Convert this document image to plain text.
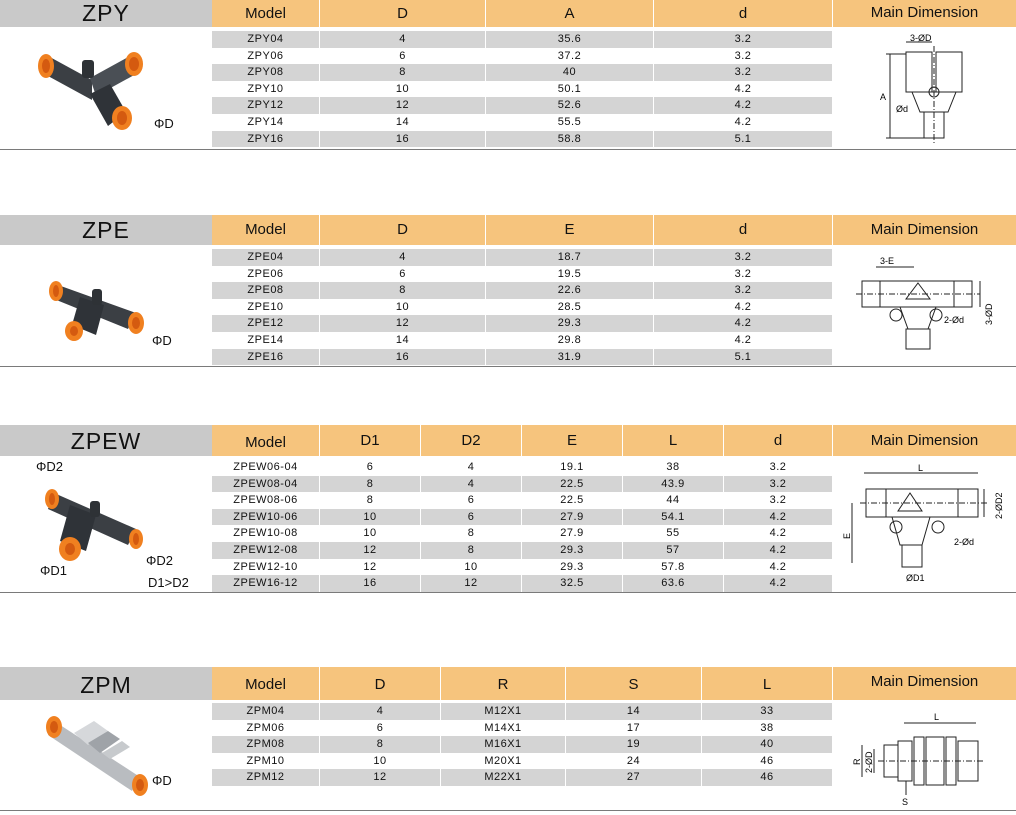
ZPY	Model	D	A	d	Main Dimension
ZPY04	4	35.6	3.2
ZPY06	6	37.2	3.2
ZPY08	8	40	3.2
ZPY10	10	50.1	4.2
ZPY12	12	52.6	4.2
ZPY14	14	55.5	4.2
ZPY16	16	58.8	5.1
ΦD
3-ØD
A
Ød
ZPE	Model	D	E	d	Main Dimension
ZPE04	4	18.7	3.2
ZPE06	6	19.5	3.2
ZPE08	8	22.6	3.2
ZPE10	10	28.5	4.2
ZPE12	12	29.3	4.2
ZPE14	14	29.8	4.2
ZPE16	16	31.9	5.1
ΦD
3-E
2-Ød 3-ØD
ZPEW	Model	D1	D2	E	L	d	Main Dimension
ZPEW06-04	6	4	19.1	38	3.2
ZPEW08-04	8	4	22.5	43.9	3.2
ZPEW08-06	8	6	22.5	44	3.2
ZPEW10-06	10	6	27.9	54.1	4.2
ZPEW10-08	10	8	27.9	55	4.2
ZPEW12-08	12	8	29.3	57	4.2
ZPEW12-10	12	10	29.3	57.8	4.2
ZPEW16-12	16	12	32.5	63.6	4.2
ΦD2
ΦD1
ΦD2
D1>D2
L
2-ØD2
E
2-Ød
ØD1
ZPM	Model	D	R	S	L	Main Dimension
ZPM04	4	M12X1	14	33
ZPM06	6	M14X1	17	38
ZPM08	8	M16X1	19	40
ZPM10	10	M20X1	24	46
ZPM12	12	M22X1	27	46
ΦD
L
R 2-ØD
S
